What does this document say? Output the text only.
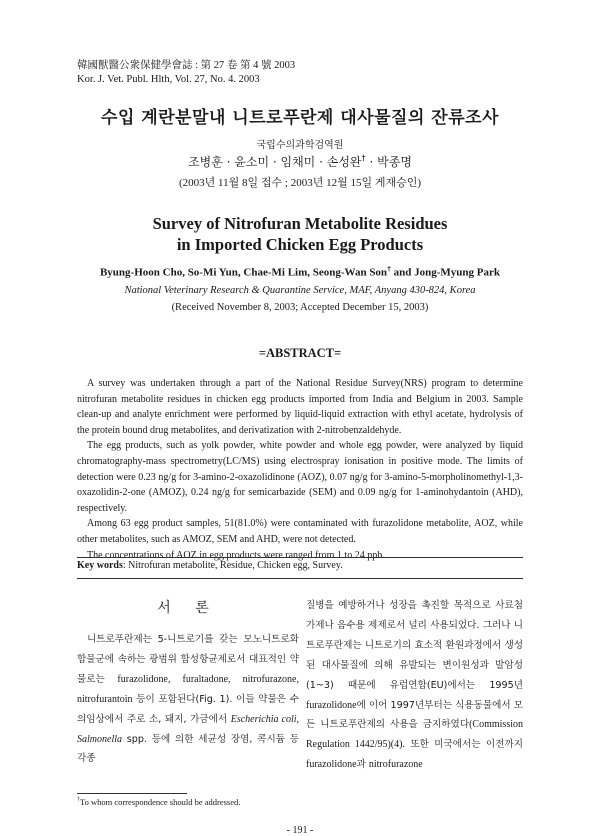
韓國獸醫公衆保健學會誌 : 第 27 卷 第 4 號 2003
Kor. J. Vet. Publ. Hlth, Vol. 27, No. 4. 2003
수입 계란분말내 니트로푸란제 대사물질의 잔류조사
국립수의과학검역원
조병훈 · 윤소미 · 임채미 · 손성완† · 박종명
(2003년 11월 8일 접수 ; 2003년 12월 15일 게재승인)
Survey of Nitrofuran Metabolite Residues
in Imported Chicken Egg Products
Byung-Hoon Cho, So-Mi Yun, Chae-Mi Lim, Seong-Wan Son† and Jong-Myung Park
National Veterinary Research & Quarantine Service, MAF, Anyang 430-824, Korea
(Received November 8, 2003; Accepted December 15, 2003)
=ABSTRACT=

A survey was undertaken through a part of the National Residue Survey(NRS) program to determine nitrofuran metabolite residues in chicken egg products imported from India and Belgium in 2003. Sample clean-up and analyte enrichment were performed by liquid-liquid extraction with ethyl acetate, hydrolysis of the protein bound drug metabolites, and derivatization with 2-nitrobenzaldehyde.

The egg products, such as yolk powder, white powder and whole egg powder, were analyzed by liquid chromatography-mass spectrometry(LC/MS) using electrospray ionisation in positive mode. The limits of detection were 0.23 ng/g for 3-amino-2-oxazolidinone (AOZ), 0.07 ng/g for 3-amino-5-morpholinomethyl-1,3-oxazolidin-2-one (AMOZ), 0.24 ng/g for semicarbazide (SEM) and 0.09 ng/g for 1-aminohydantoin (AHD), respectively.

Among 63 egg product samples, 51(81.0%) were contaminated with furazolidone metabolite, AOZ, while other metabolites, such as AMOZ, SEM and AHD, were not detected.

The concentrations of AOZ in egg products were ranged from 1 to 24 ppb.

Key words: Nitrofuran metabolite, Residue, Chicken egg, Survey.
서 론
니트로푸란제는 5-니트로기를 갖는 모노니트로화 합물군에 속하는 광범위 합성항균제로서 대표적인 약물로는 furazolidone, furaltadone, nitrofurazone, nitrofurantoin 등이 포함된다(Fig. 1). 이들 약물은 수의임상에서 주로 소, 돼지, 가금에서 Escherichia coli, Salmonella spp. 등에 의한 세균성 장염, 콕시듐 등 각종
질병을 예방하거나 성장을 촉진할 목적으로 사료첨가제나 음수용 제제로서 널리 사용되었다. 그러나 니트로푸란제는 니트로기의 효소적 환원과정에서 생성된 대사물질에 의해 유발되는 변이원성과 발암성(1~3) 때문에 유럽연합(EU)에서는 1995년 furazolidone에 이어 1997년부터는 식용동물에서 모든 니트로푸란제의 사용을 금지하였다(Commission Regulation 1442/95)(4). 또한 미국에서는 이전까지 furazolidone과 nitrofurazone
†To whom correspondence should be addressed.
- 191 -
